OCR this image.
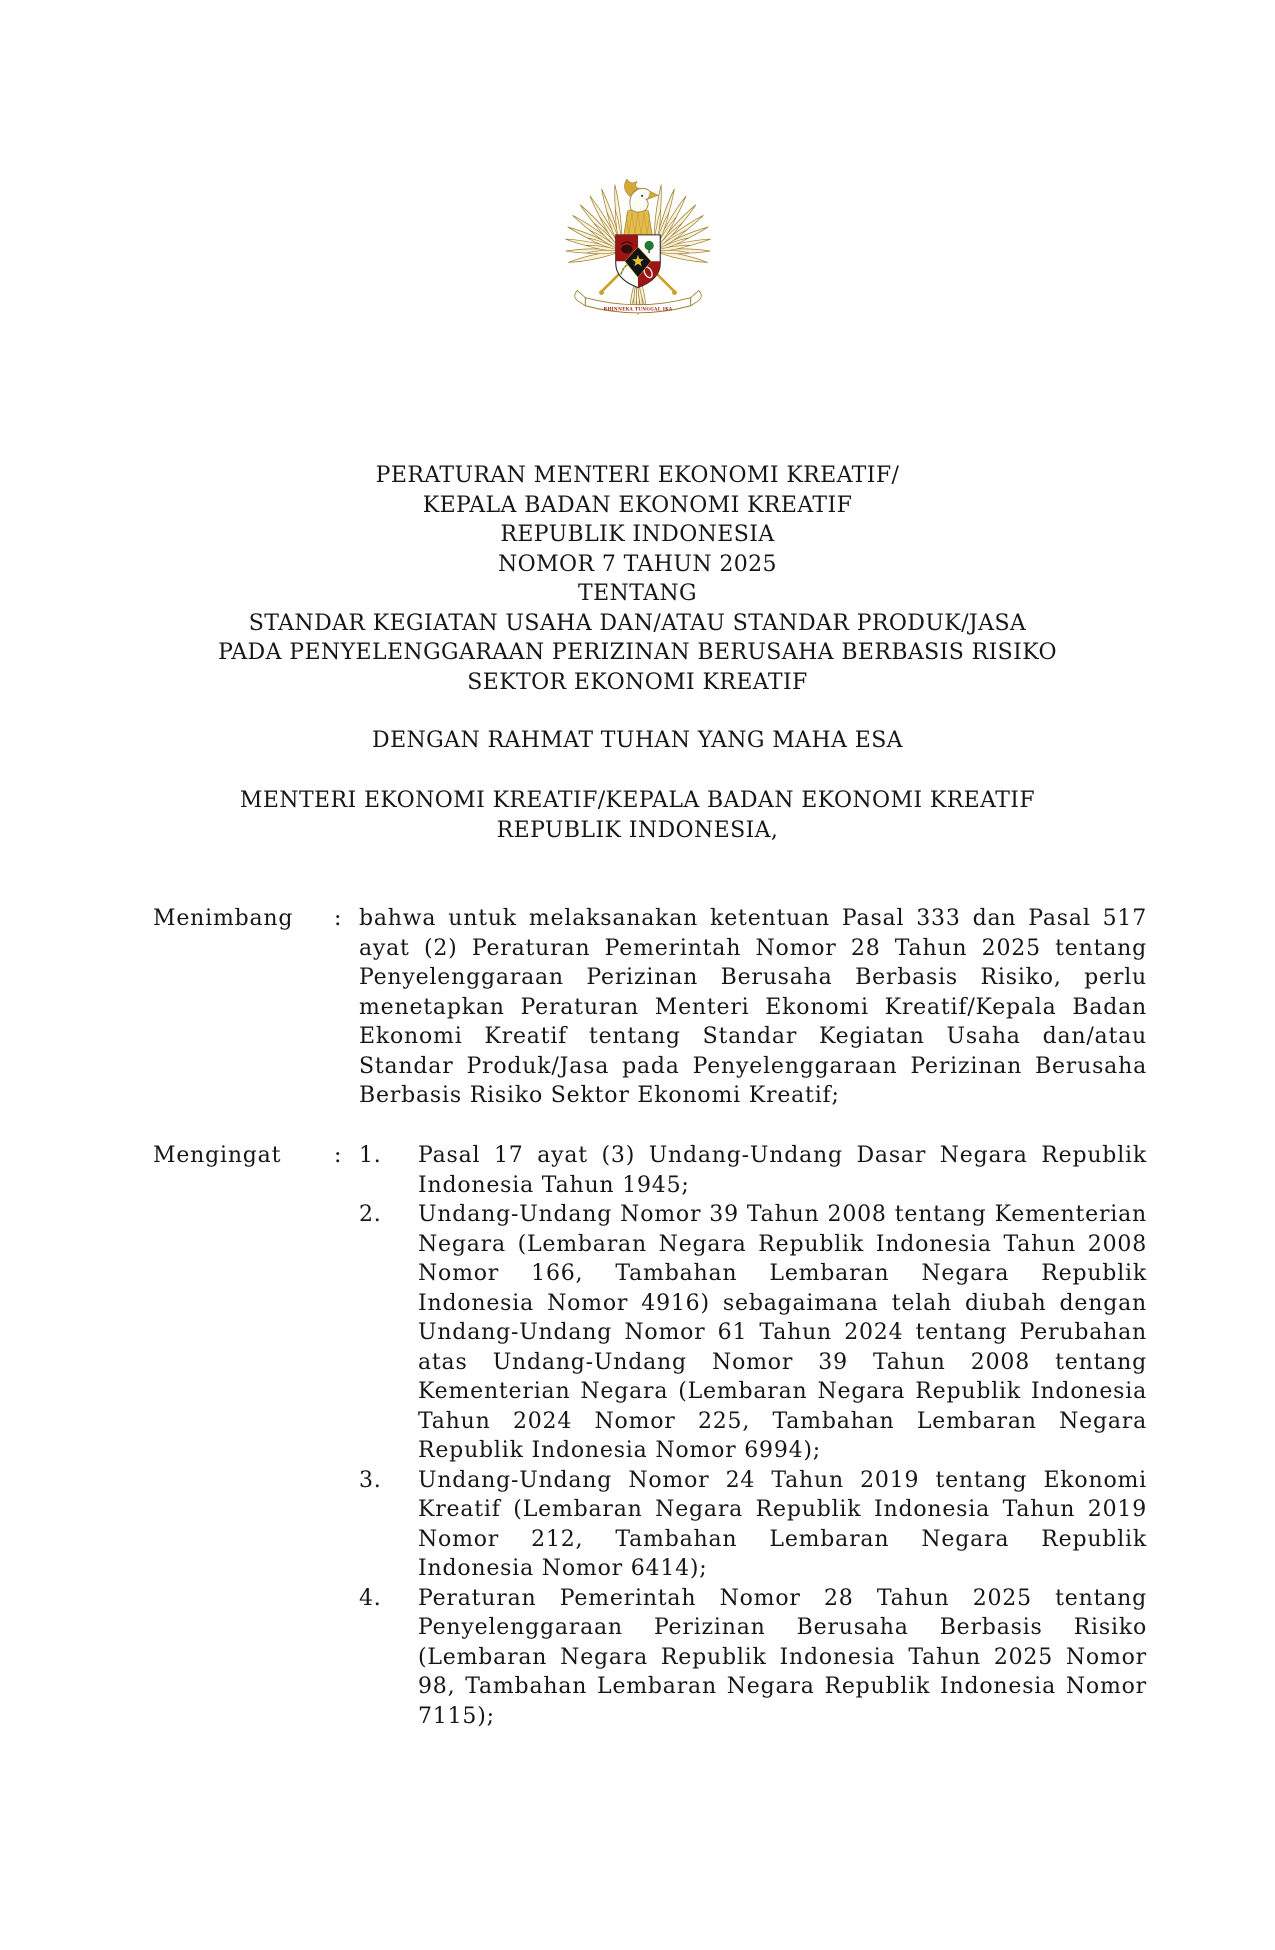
BHINNEKA TUNGGAL IKA
PERATURAN MENTERI EKONOMI KREATIF/
KEPALA BADAN EKONOMI KREATIF
REPUBLIK INDONESIA
NOMOR 7 TAHUN 2025
TENTANG
STANDAR KEGIATAN USAHA DAN/ATAU STANDAR PRODUK/JASA
PADA PENYELENGGARAAN PERIZINAN BERUSAHA BERBASIS RISIKO
SEKTOR EKONOMI KREATIF
DENGAN RAHMAT TUHAN YANG MAHA ESA
MENTERI EKONOMI KREATIF/KEPALA BADAN EKONOMI KREATIF
REPUBLIK INDONESIA,
Menimbang	: bahwa untuk melaksanakan ketentuan Pasal 333 dan Pasal 517 ayat (2) Peraturan Pemerintah Nomor 28 Tahun 2025 tentang Penyelenggaraan Perizinan Berusaha Berbasis Risiko, perlu menetapkan Peraturan Menteri Ekonomi Kreatif/Kepala Badan Ekonomi Kreatif tentang Standar Kegiatan Usaha dan/atau Standar Produk/Jasa pada Penyelenggaraan Perizinan Berusaha Berbasis Risiko Sektor Ekonomi Kreatif;
Mengingat	: 1.	Pasal 17 ayat (3) Undang-Undang Dasar Negara Republik Indonesia Tahun 1945;
2.	Undang-Undang Nomor 39 Tahun 2008 tentang Kementerian Negara (Lembaran Negara Republik Indonesia Tahun 2008 Nomor 166, Tambahan Lembaran Negara Republik Indonesia Nomor 4916) sebagaimana telah diubah dengan Undang-Undang Nomor 61 Tahun 2024 tentang Perubahan atas Undang-Undang Nomor 39 Tahun 2008 tentang Kementerian Negara (Lembaran Negara Republik Indonesia Tahun 2024 Nomor 225, Tambahan Lembaran Negara Republik Indonesia Nomor 6994);
3.	Undang-Undang Nomor 24 Tahun 2019 tentang Ekonomi Kreatif (Lembaran Negara Republik Indonesia Tahun 2019 Nomor 212, Tambahan Lembaran Negara Republik Indonesia Nomor 6414);
4.	Peraturan Pemerintah Nomor 28 Tahun 2025 tentang Penyelenggaraan Perizinan Berusaha Berbasis Risiko (Lembaran Negara Republik Indonesia Tahun 2025 Nomor 98, Tambahan Lembaran Negara Republik Indonesia Nomor 7115);
